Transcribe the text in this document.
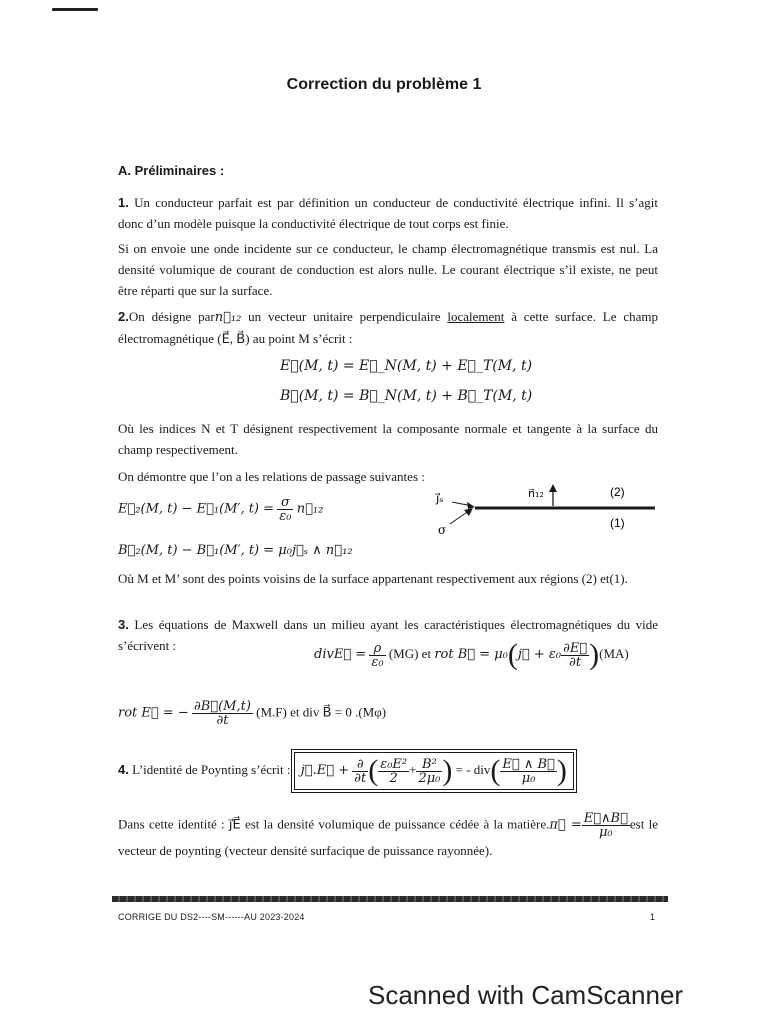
Correction du problème 1
A. Préliminaires :
1. Un conducteur parfait est par définition un conducteur de conductivité électrique infini. Il s’agit donc d’un modèle puisque la conductivité électrique de tout corps est finie.
Si on envoie une onde incidente sur ce conducteur, le champ électromagnétique transmis est nul. La densité volumique de courant de conduction est alors nulle. Le courant électrique s’il existe, ne peut être réparti que sur la surface.
2.On désigne parn⃗₁₂ un vecteur unitaire perpendiculaire localement à cette surface. Le champ électromagnétique (E⃗, B⃗) au point M s’écrit :
E⃗(M, t) = E⃗_N(M, t) + E⃗_T(M, t)
B⃗(M, t) = B⃗_N(M, t) + B⃗_T(M, t)
Où les indices N et T désignent respectivement la composante normale et tangente à la surface du champ respectivement.
On démontre que l’on a les relations de passage suivantes :
E⃗₂(M, t) − E⃗₁(M′, $t) = \frac{\sigma}{\text{ε₀}}$ n⃗₁₂
j⃗ₛ
σ
n⃗₁₂	(2)
(1)
B⃗₂(M, t) − B⃗₁(M′, t) = μ₀j⃗ₛ ∧ n⃗₁₂
Où M et M’ sont des points voisins de la surface appartenant respectivement aux régions (2) et(1).
3. Les équations de Maxwell dans un milieu ayant les caractéristiques électromagnétiques du vide s’écrivent :
divE⃗ = $\frac{\rho}{\text{ε₀}} (MG)$ et rot B⃗ = μ₀(j⃗ + $\varepsilon_0 \frac{\partial E⃗}{\partial t} )(MA)$
rot E⃗ = − $\frac{\partial B⃗(M,t)}{\partial t} (M.F)$ et div B⃗ = 0 .(Mφ)
4. L’identité de Poynting s’écrit : j⃗.E⃗ + $\frac{\partial}{\partial t}$ ( $\frac{\text{ε₀E²}}{2} + \frac{\text{B²}}{\text{2μ₀}}$ ) = - $div( \frac{E⃗ \wedge B⃗}{\text{μ₀}}$ )
Dans cette identité : j⃗E⃗ est la densité volumique de puissance cédée à la matière.π⃗ = $\frac{E⃗\wedge B⃗}{\text{μ₀}}$ est le vecteur de poynting (vecteur densité surfacique de puissance rayonnée).
CORRIGE DU DS2----SM------AU 2023-2024	1
Scanned with CamScanner
